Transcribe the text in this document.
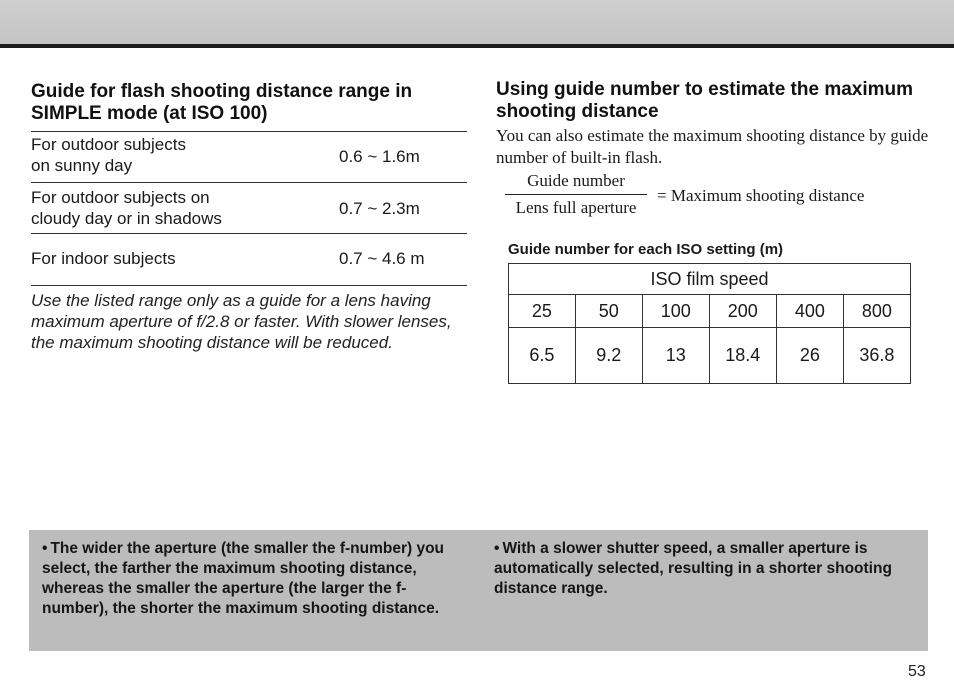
Guide for flash shooting distance range in SIMPLE mode (at ISO 100)
For outdoor subjects
on sunny day	0.6 ~ 1.6m
For outdoor subjects on
cloudy day or in shadows
0.7 ~ 2.3m
For indoor subjects	0.7 ~ 4.6 m

Use the listed range only as a guide for a lens having maximum aperture of f/2.8 or faster. With slower lenses, the maximum shooting distance will be reduced.

Using guide number to estimate the maximum shooting distance

You can also estimate the maximum shooting distance by guide number of built-in flash.

Guide number
Lens full aperture
= Maximum shooting distance

Guide number for each ISO setting (m)

ISO film speed					
25	50	100	200	400	800
6.5	9.2	13	18.4	26	36.8

• The wider the aperture (the smaller the f-number) you select, the farther the maximum shooting distance, whereas the smaller the aperture (the larger the f-number), the shorter the maximum shooting distance.

• With a slower shutter speed, a smaller aperture is automatically selected, resulting in a shorter shooting distance range.

53
